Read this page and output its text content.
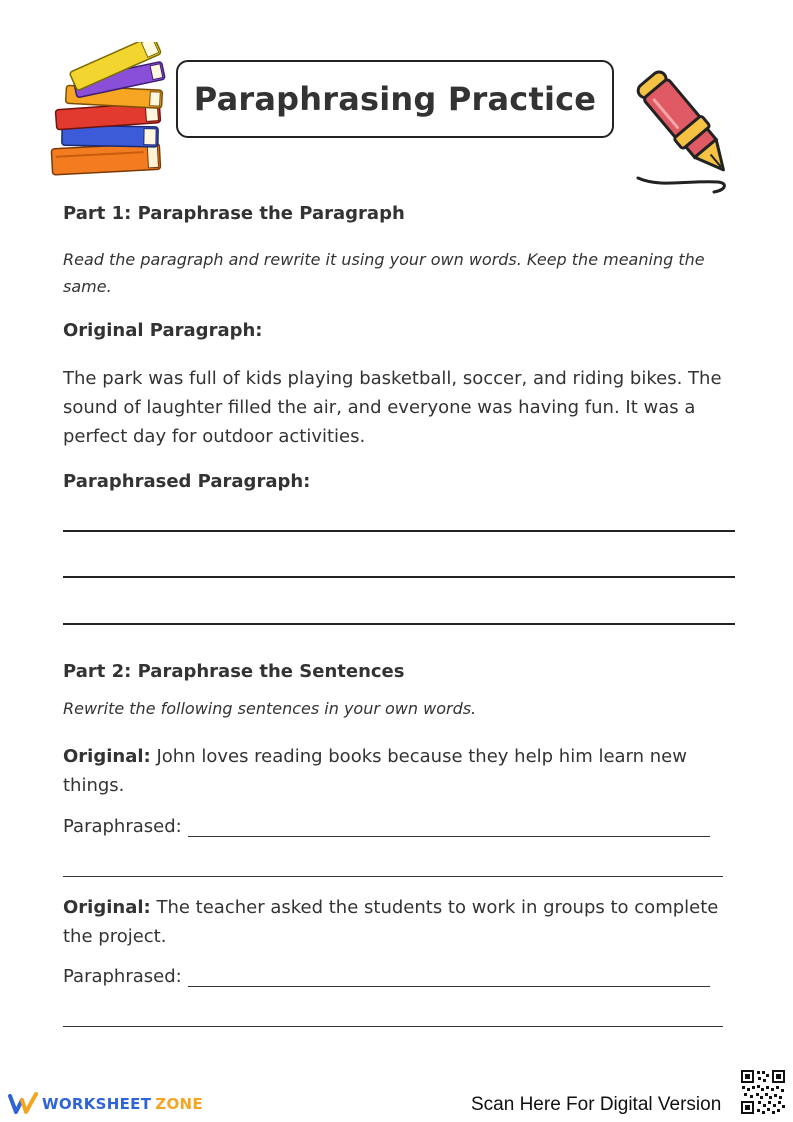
Paraphrasing Practice
Part 1: Paraphrase the Paragraph
Read the paragraph and rewrite it using your own words. Keep the meaning the same.
Original Paragraph:
The park was full of kids playing basketball, soccer, and riding bikes. The sound of laughter filled the air, and everyone was having fun. It was a perfect day for outdoor activities.
Paraphrased Paragraph:
Part 2: Paraphrase the Sentences
Rewrite the following sentences in your own words.
Original: John loves reading books because they help him learn new things.
Paraphrased:
Original: The teacher asked the students to work in groups to complete the project.
Paraphrased:
WORKSHEET ZONE	Scan Here For Digital Version
